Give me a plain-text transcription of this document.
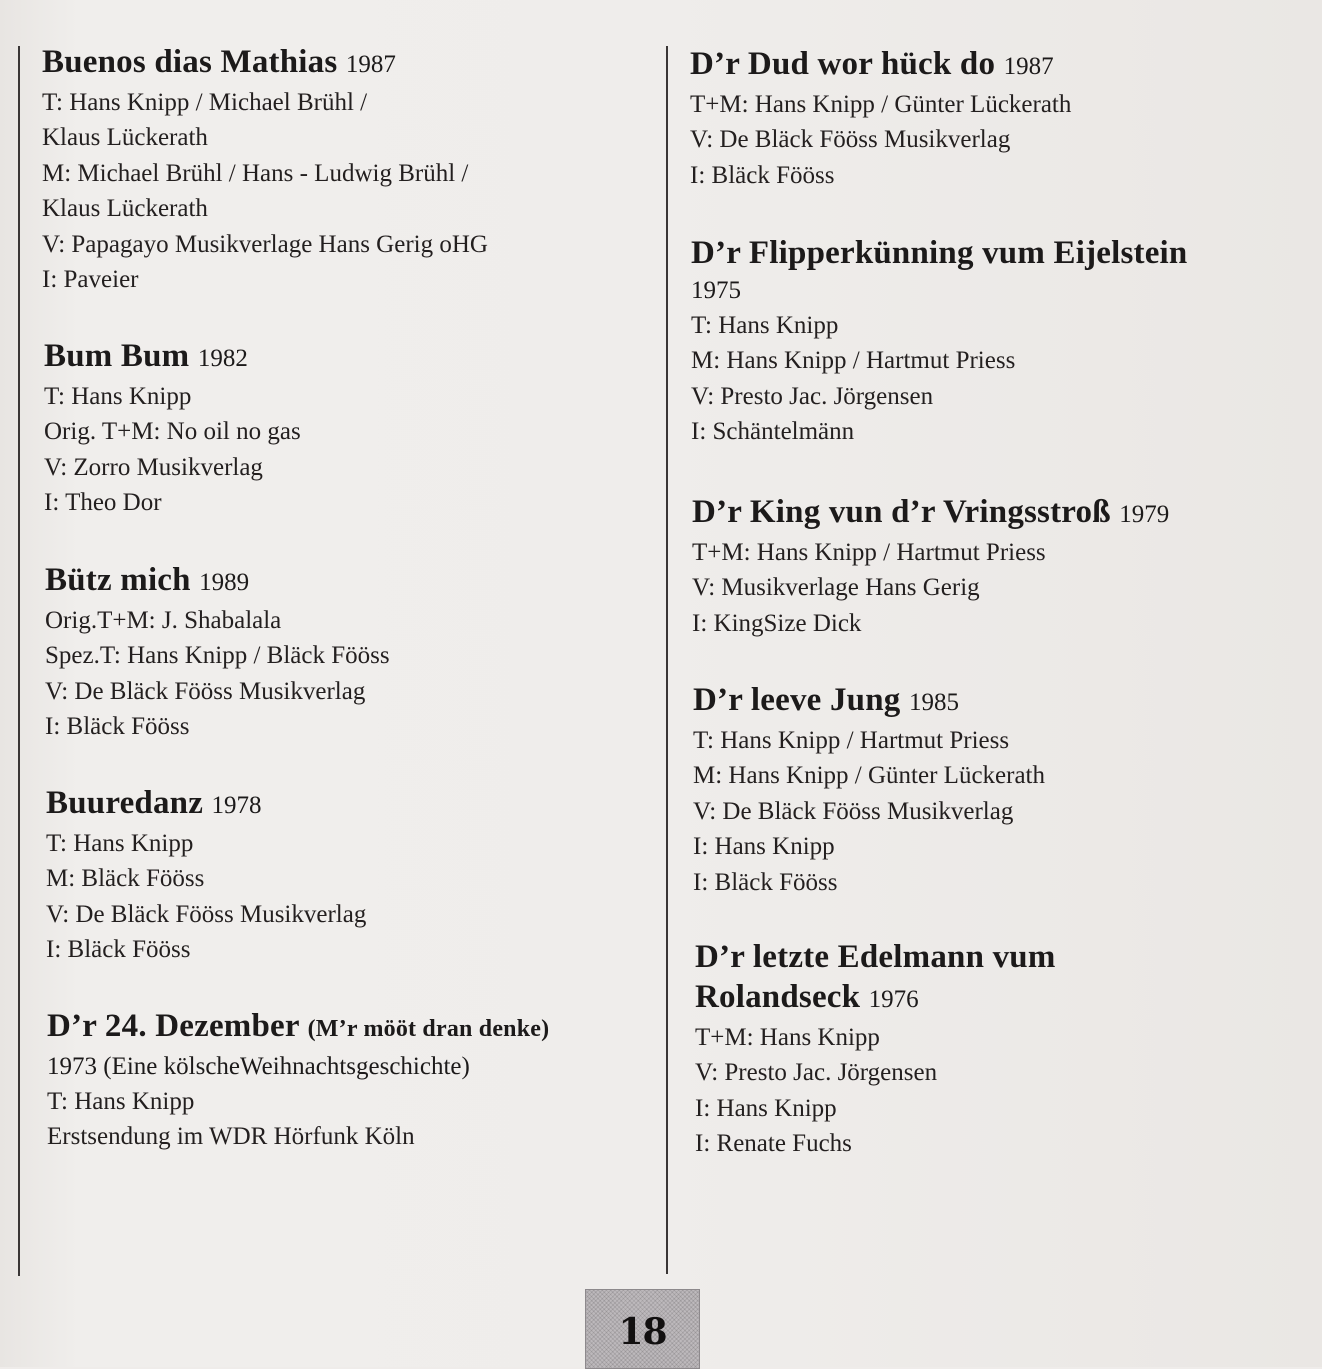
Buenos dias Mathias 1987
T: Hans Knipp / Michael Brühl /
Klaus Lückerath
M: Michael Brühl / Hans - Ludwig Brühl /
Klaus Lückerath
V: Papagayo Musikverlage Hans Gerig oHG
I: Paveier
Bum Bum 1982
T: Hans Knipp
Orig. T+M: No oil no gas
V: Zorro Musikverlag
I: Theo Dor
Bütz mich 1989
Orig.T+M: J. Shabalala
Spez.T: Hans Knipp / Bläck Fööss
V: De Bläck Fööss Musikverlag
I: Bläck Fööss
Buuredanz 1978
T: Hans Knipp
M: Bläck Fööss
V: De Bläck Fööss Musikverlag
I: Bläck Fööss
D’r 24. Dezember (M’r mööt dran denke)
1973 (Eine kölscheWeihnachtsgeschichte)
T: Hans Knipp
Erstsendung im WDR Hörfunk Köln
D’r Dud wor hück do 1987
T+M: Hans Knipp / Günter Lückerath
V: De Bläck Fööss Musikverlag
I: Bläck Fööss
D’r Flipperkünning vum Eijelstein
1975
T: Hans Knipp
M: Hans Knipp / Hartmut Priess
V: Presto Jac. Jörgensen
I: Schäntelmänn
D’r King vun d’r Vringsstroß 1979
T+M: Hans Knipp / Hartmut Priess
V: Musikverlage Hans Gerig
I: KingSize Dick
D’r leeve Jung 1985
T: Hans Knipp / Hartmut Priess
M: Hans Knipp / Günter Lückerath
V: De Bläck Fööss Musikverlag
I: Hans Knipp
I: Bläck Fööss
D’r letzte Edelmann vum
Rolandseck 1976
T+M: Hans Knipp
V: Presto Jac. Jörgensen
I: Hans Knipp
I: Renate Fuchs
18
